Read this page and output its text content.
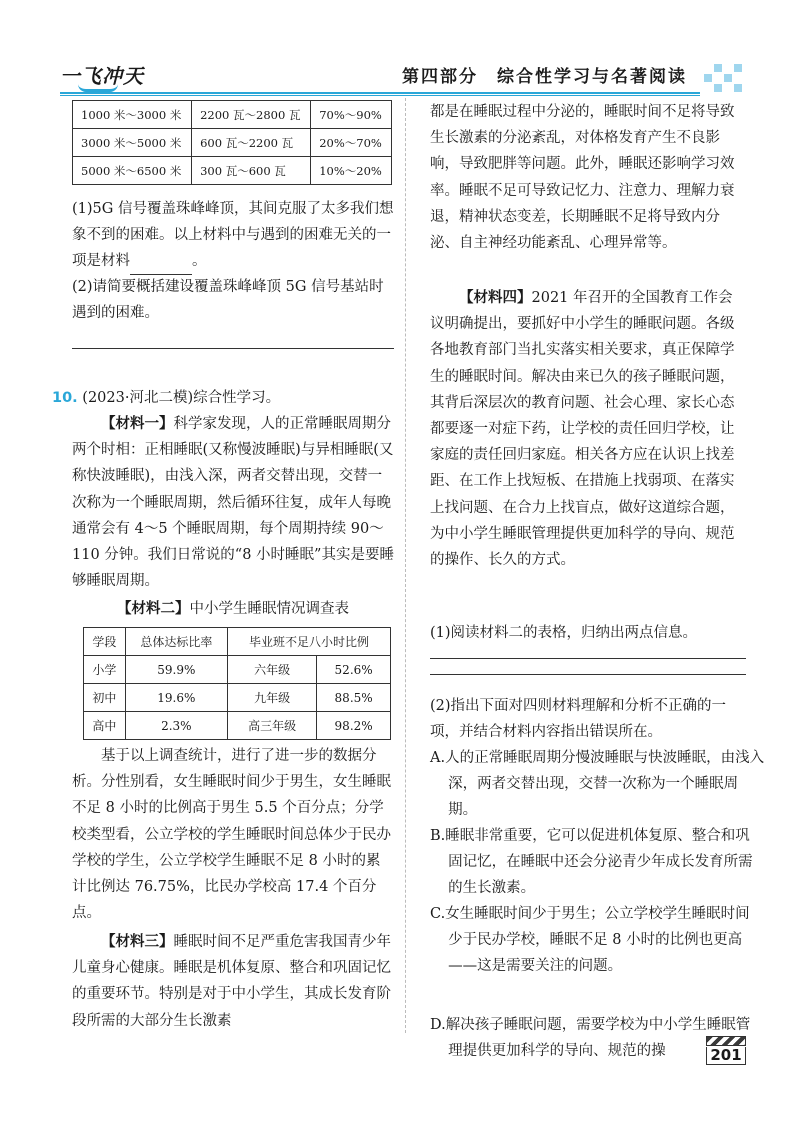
一飞冲天	第四部分　综合性学习与名著阅读
1000 米～3000 米	2200 瓦～2800 瓦	70%～90%
3000 米～5000 米	600 瓦～2200 瓦	20%～70%
5000 米～6500 米	300 瓦～600 瓦	10%～20%
(1)5G 信号覆盖珠峰峰顶，其间克服了太多我们想象不到的困难。以上材料中与遇到的困难无关的一项是材料	。
(2)请简要概括建设覆盖珠峰峰顶 5G 信号基站时遇到的困难。
10. (2023·河北二模)综合性学习。
【材料一】科学家发现，人的正常睡眠周期分两个时相：正相睡眠(又称慢波睡眠)与异相睡眠(又称快波睡眠)，由浅入深，两者交替出现，交替一次称为一个睡眠周期，然后循环往复，成年人每晚通常会有 4～5 个睡眠周期，每个周期持续 90～110 分钟。我们日常说的“8 小时睡眠”其实是要睡够睡眠周期。
【材料二】中小学生睡眠情况调查表
学段	总体达标比率	毕业班不足八小时比例	
小学	59.9%	六年级	52.6%
初中	19.6%	九年级	88.5%
高中	2.3%	高三年级	98.2%
基于以上调查统计，进行了进一步的数据分析。分性别看，女生睡眠时间少于男生，女生睡眠不足 8 小时的比例高于男生 5.5 个百分点；分学校类型看，公立学校的学生睡眠时间总体少于民办学校的学生，公立学校学生睡眠不足 8 小时的累计比例达 76.75%，比民办学校高 17.4 个百分点。
【材料三】睡眠时间不足严重危害我国青少年儿童身心健康。睡眠是机体复原、整合和巩固记忆的重要环节。特别是对于中小学生，其成长发育阶段所需的大部分生长激素
都是在睡眠过程中分泌的，睡眠时间不足将导致生长激素的分泌紊乱，对体格发育产生不良影响，导致肥胖等问题。此外，睡眠还影响学习效率。睡眠不足可导致记忆力、注意力、理解力衰退，精神状态变差，长期睡眠不足将导致内分泌、自主神经功能紊乱、心理异常等。
【材料四】2021 年召开的全国教育工作会议明确提出，要抓好中小学生的睡眠问题。各级各地教育部门当扎实落实相关要求，真正保障学生的睡眠时间。解决由来已久的孩子睡眠问题，其背后深层次的教育问题、社会心理、家长心态都要逐一对症下药，让学校的责任回归学校，让家庭的责任回归家庭。相关各方应在认识上找差距、在工作上找短板、在措施上找弱项、在落实上找问题、在合力上找盲点，做好这道综合题，为中小学生睡眠管理提供更加科学的导向、规范的操作、长久的方式。
(1)阅读材料二的表格，归纳出两点信息。
(2)指出下面对四则材料理解和分析不正确的一项，并结合材料内容指出错误所在。
A.人的正常睡眠周期分慢波睡眠与快波睡眠，由浅入深，两者交替出现，交替一次称为一个睡眠周期。
B.睡眠非常重要，它可以促进机体复原、整合和巩固记忆，在睡眠中还会分泌青少年成长发育所需的生长激素。
C.女生睡眠时间少于男生；公立学校学生睡眠时间少于民办学校，睡眠不足 8 小时的比例也更高——这是需要关注的问题。
D.解决孩子睡眠问题，需要学校为中小学生睡眠管理提供更加科学的导向、规范的操	201
